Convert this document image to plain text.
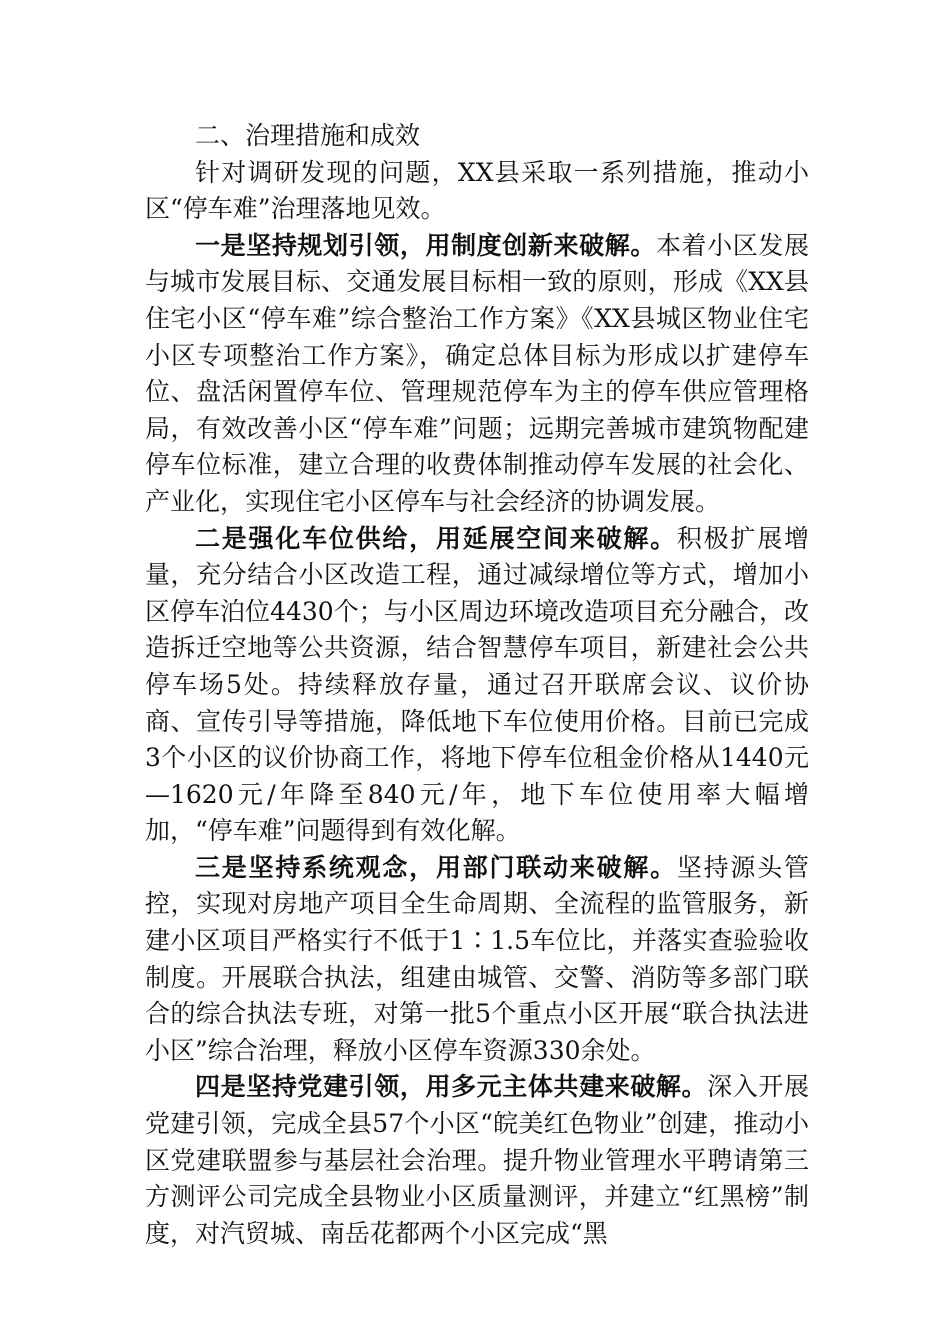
二、治理措施和成效

针对调研发现的问题，XX县采取一系列措施，推动小区“停车难”治理落地见效。

一是坚持规划引领，用制度创新来破解。本着小区发展与城市发展目标、交通发展目标相一致的原则，形成《XX县住宅小区“停车难”综合整治工作方案》《XX县城区物业住宅小区专项整治工作方案》，确定总体目标为形成以扩建停车位、盘活闲置停车位、管理规范停车为主的停车供应管理格局，有效改善小区“停车难”问题；远期完善城市建筑物配建停车位标准，建立合理的收费体制推动停车发展的社会化、产业化，实现住宅小区停车与社会经济的协调发展。

二是强化车位供给，用延展空间来破解。积极扩展增量，充分结合小区改造工程，通过减绿增位等方式，增加小区停车泊位4430个；与小区周边环境改造项目充分融合，改造拆迁空地等公共资源，结合智慧停车项目，新建社会公共停车场5处。持续释放存量，通过召开联席会议、议价协商、宣传引导等措施，降低地下车位使用价格。目前已完成3个小区的议价协商工作，将地下停车位租金价格从1440元—1620元/年降至840元/年，地下车位使用率大幅增加，“停车难”问题得到有效化解。

三是坚持系统观念，用部门联动来破解。坚持源头管控，实现对房地产项目全生命周期、全流程的监管服务，新建小区项目严格实行不低于1∶1.5车位比，并落实查验验收制度。开展联合执法，组建由城管、交警、消防等多部门联合的综合执法专班，对第一批5个重点小区开展“联合执法进小区”综合治理，释放小区停车资源330余处。

四是坚持党建引领，用多元主体共建来破解。深入开展党建引领，完成全县57个小区“皖美红色物业”创建，推动小区党建联盟参与基层社会治理。提升物业管理水平聘请第三方测评公司完成全县物业小区质量测评，并建立“红黑榜”制度，对汽贸城、南岳花都两个小区完成“黑
